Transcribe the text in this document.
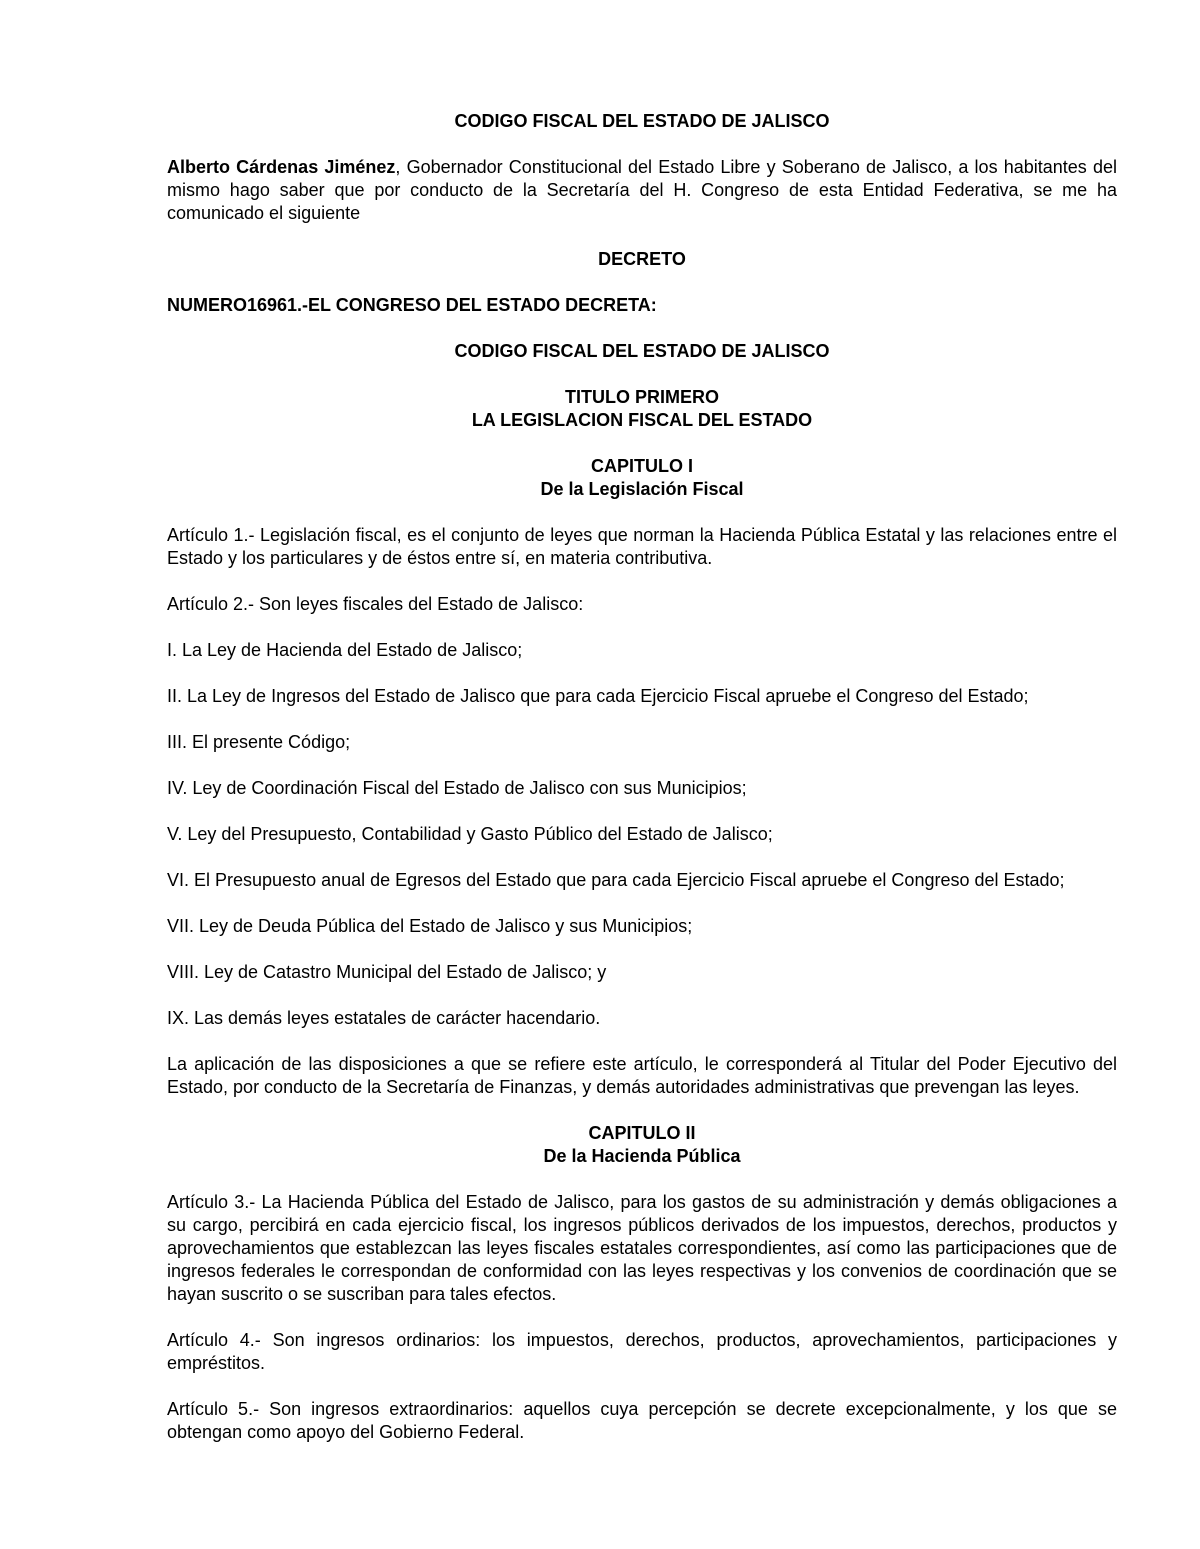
CODIGO FISCAL DEL ESTADO DE JALISCO

Alberto Cárdenas Jiménez, Gobernador Constitucional del Estado Libre y Soberano de Jalisco, a los habitantes del mismo hago saber que por conducto de la Secretaría del H. Congreso de esta Entidad Federativa, se me ha comunicado el siguiente

DECRETO

NUMERO16961.-EL CONGRESO DEL ESTADO DECRETA:

CODIGO FISCAL DEL ESTADO DE JALISCO

TITULO PRIMERO

LA LEGISLACION FISCAL DEL ESTADO

CAPITULO I

De la Legislación Fiscal

Artículo 1.- Legislación fiscal, es el conjunto de leyes que norman la Hacienda Pública Estatal y las relaciones entre el Estado y los particulares y de éstos entre sí, en materia contributiva.

Artículo 2.- Son leyes fiscales del Estado de Jalisco:

I. La Ley de Hacienda del Estado de Jalisco;

II. La Ley de Ingresos del Estado de Jalisco que para cada Ejercicio Fiscal apruebe el Congreso del Estado;

III. El presente Código;

IV. Ley de Coordinación Fiscal del Estado de Jalisco con sus Municipios;

V. Ley del Presupuesto, Contabilidad y Gasto Público del Estado de Jalisco;

VI. El Presupuesto anual de Egresos del Estado que para cada Ejercicio Fiscal apruebe el Congreso del Estado;

VII. Ley de Deuda Pública del Estado de Jalisco y sus Municipios;

VIII. Ley de Catastro Municipal del Estado de Jalisco; y

IX. Las demás leyes estatales de carácter hacendario.

La aplicación de las disposiciones a que se refiere este artículo, le corresponderá al Titular del Poder Ejecutivo del Estado, por conducto de la Secretaría de Finanzas, y demás autoridades administrativas que prevengan las leyes.

CAPITULO II

De la Hacienda Pública

Artículo 3.- La Hacienda Pública del Estado de Jalisco, para los gastos de su administración y demás obligaciones a su cargo, percibirá en cada ejercicio fiscal, los ingresos públicos derivados de los impuestos, derechos, productos y aprovechamientos que establezcan las leyes fiscales estatales correspondientes, así como las participaciones que de ingresos federales le correspondan de conformidad con las leyes respectivas y los convenios de coordinación que se hayan suscrito o se suscriban para tales efectos.

Artículo 4.- Son ingresos ordinarios: los impuestos, derechos, productos, aprovechamientos, participaciones y empréstitos.

Artículo 5.- Son ingresos extraordinarios: aquellos cuya percepción se decrete excepcionalmente, y los que se obtengan como apoyo del Gobierno Federal.
